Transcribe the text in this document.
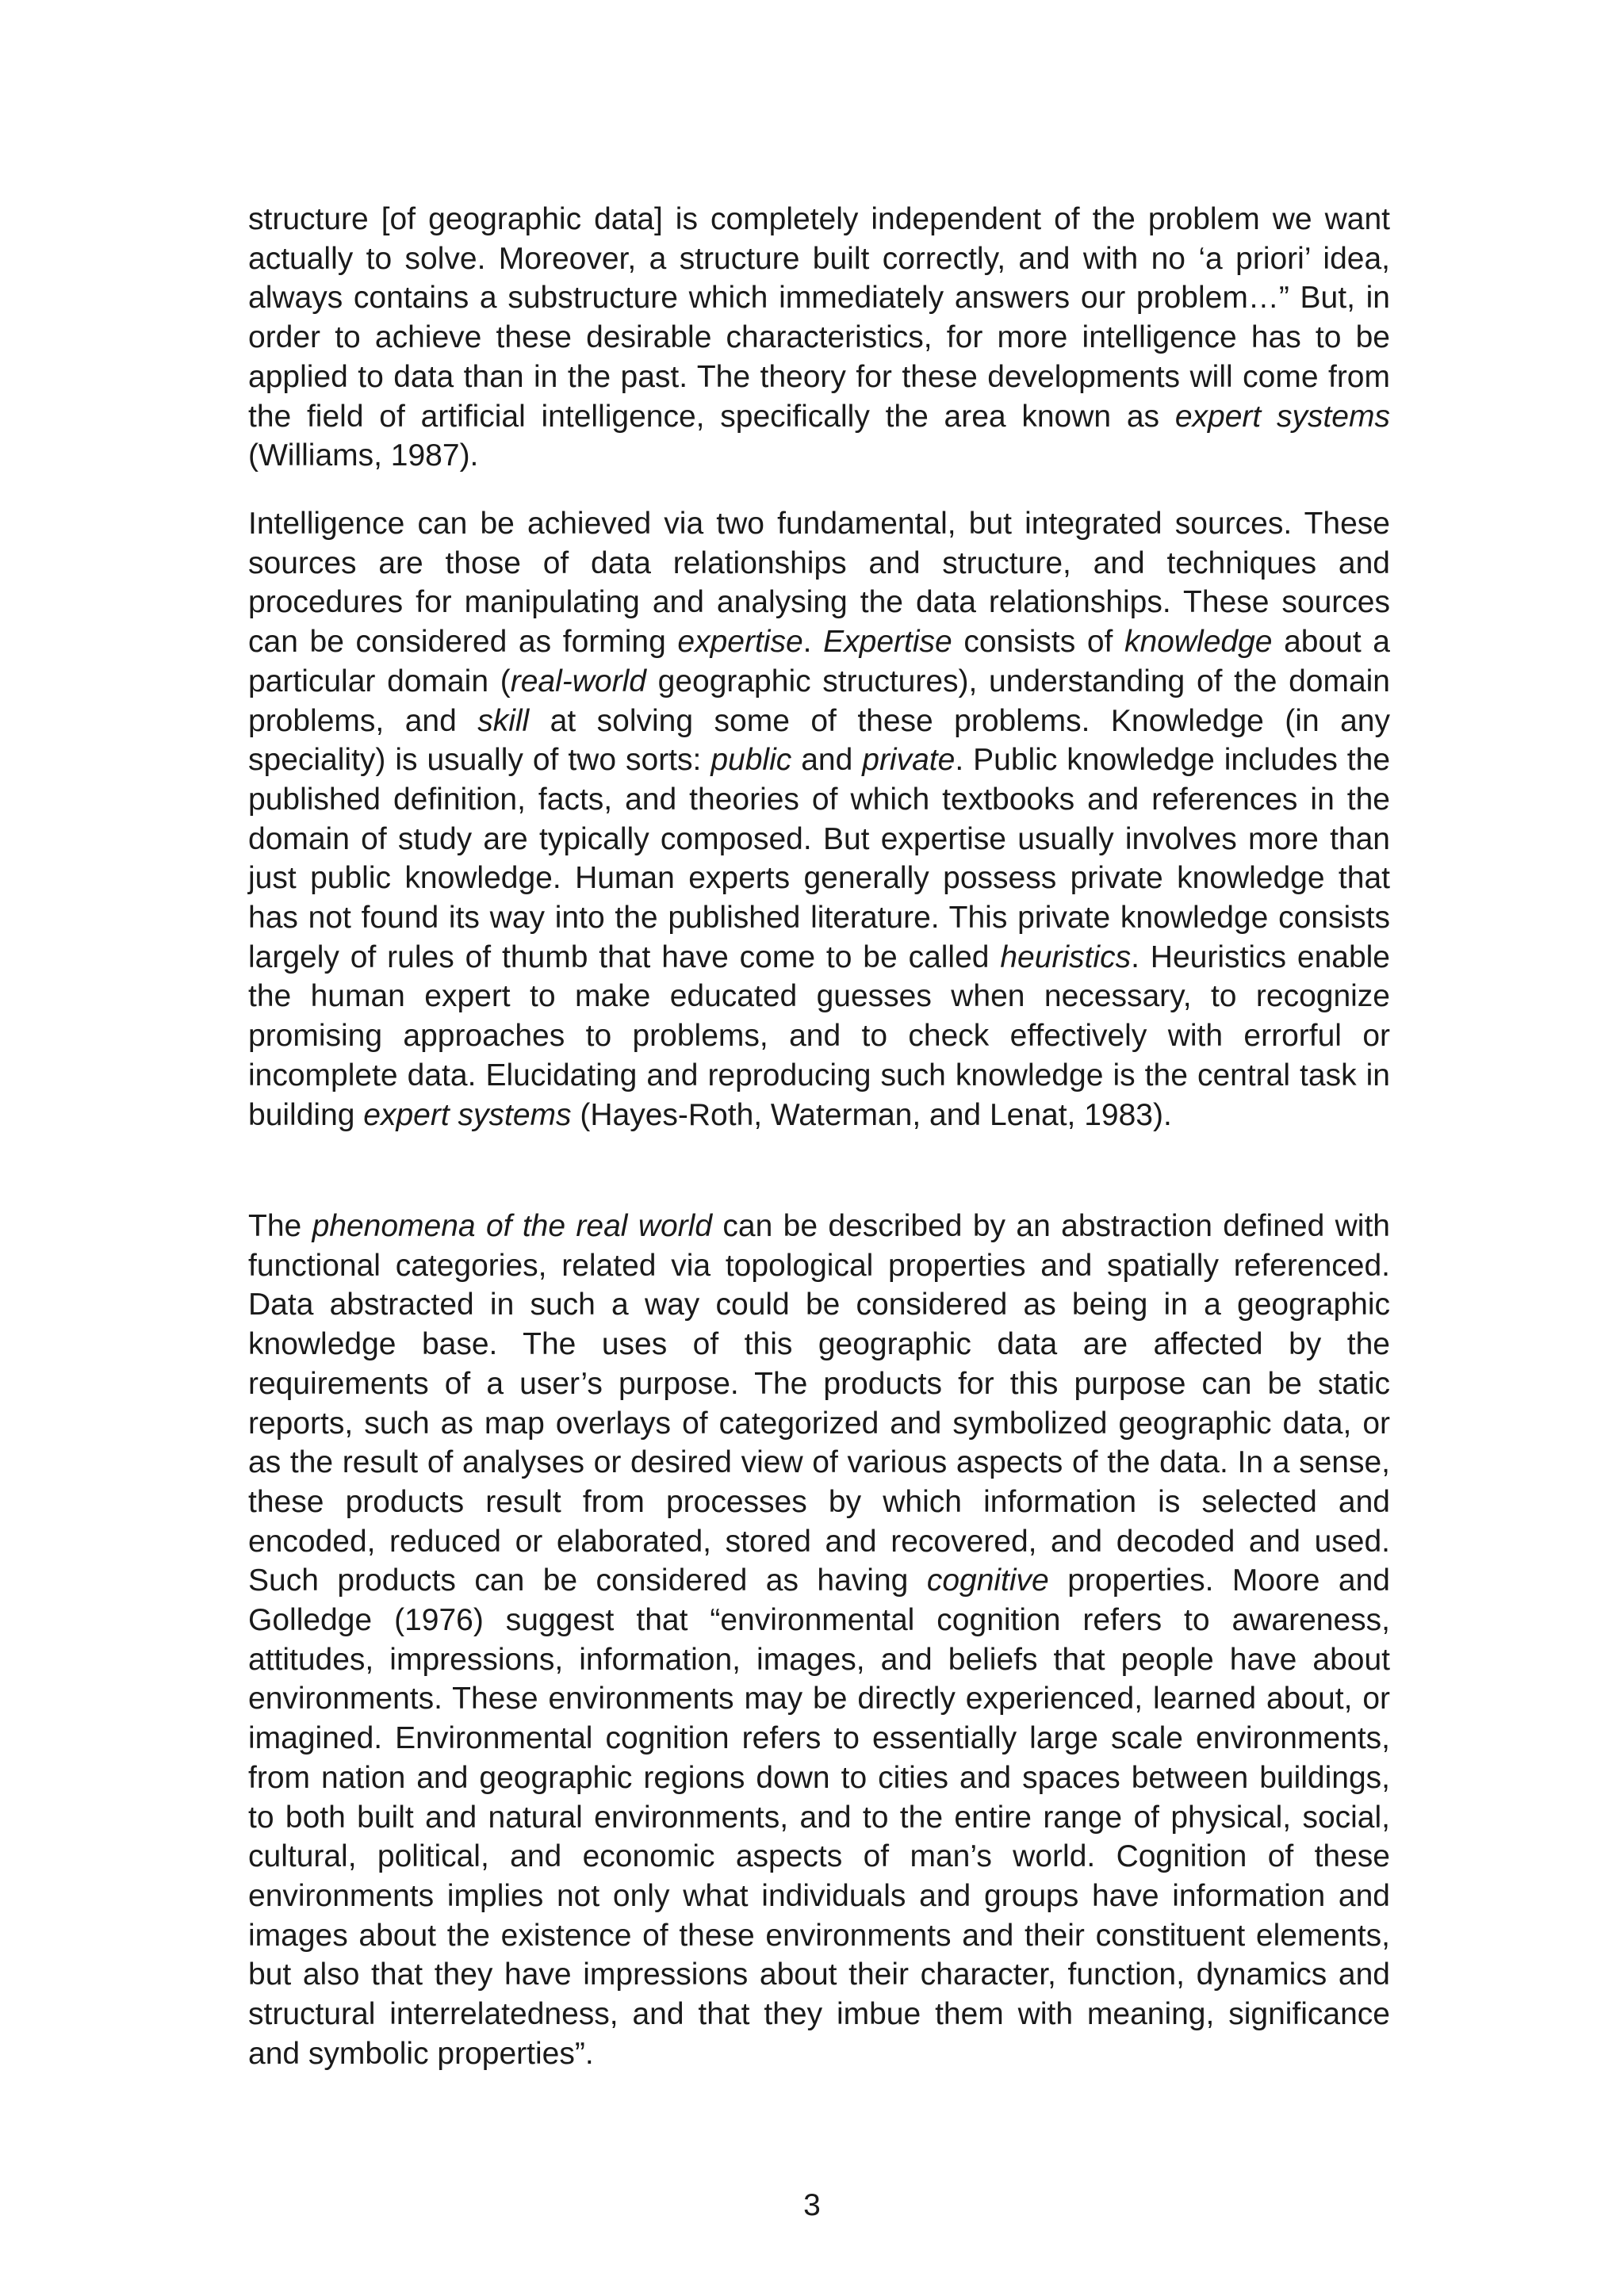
structure [of geographic data] is completely independent of the problem we want actually to solve. Moreover, a structure built correctly, and with no ‘a priori’ idea, always contains a substructure which immediately answers our problem…” But, in order to achieve these desirable characteristics, for more intelligence has to be applied to data than in the past. The theory for these developments will come from the field of artificial intelligence, specifically the area known as expert systems (Williams, 1987).

Intelligence can be achieved via two fundamental, but integrated sources. These sources are those of data relationships and structure, and techniques and procedures for manipulating and analysing the data relationships. These sources can be considered as forming expertise. Expertise consists of knowledge about a particular domain (real-world geographic structures), understanding of the domain problems, and skill at solving some of these problems. Knowledge (in any speciality) is usually of two sorts: public and private. Public knowledge includes the published definition, facts, and theories of which textbooks and references in the domain of study are typically composed. But expertise usually involves more than just public knowledge. Human experts generally possess private knowledge that has not found its way into the published literature. This private knowledge consists largely of rules of thumb that have come to be called heuristics. Heuristics enable the human expert to make educated guesses when necessary, to recognize promising approaches to problems, and to check effectively with errorful or incomplete data. Elucidating and reproducing such knowledge is the central task in building expert systems (Hayes-Roth, Waterman, and Lenat, 1983).

The phenomena of the real world can be described by an abstraction defined with functional categories, related via topological properties and spatially referenced. Data abstracted in such a way could be considered as being in a geographic knowledge base. The uses of this geographic data are affected by the requirements of a user’s purpose. The products for this purpose can be static reports, such as map overlays of categorized and symbolized geographic data, or as the result of analyses or desired view of various aspects of the data. In a sense, these products result from processes by which information is selected and encoded, reduced or elaborated, stored and recovered, and decoded and used. Such products can be considered as having cognitive properties. Moore and Golledge (1976) suggest that “environmental cognition refers to awareness, attitudes, impressions, information, images, and beliefs that people have about environments. These environments may be directly experienced, learned about, or imagined. Environmental cognition refers to essentially large scale environments, from nation and geographic regions down to cities and spaces between buildings, to both built and natural environments, and to the entire range of physical, social, cultural, political, and economic aspects of man’s world. Cognition of these environments implies not only what individuals and groups have information and images about the existence of these environments and their constituent elements, but also that they have impressions about their character, function, dynamics and structural interrelatedness, and that they imbue them with meaning, significance and symbolic properties”.

3
